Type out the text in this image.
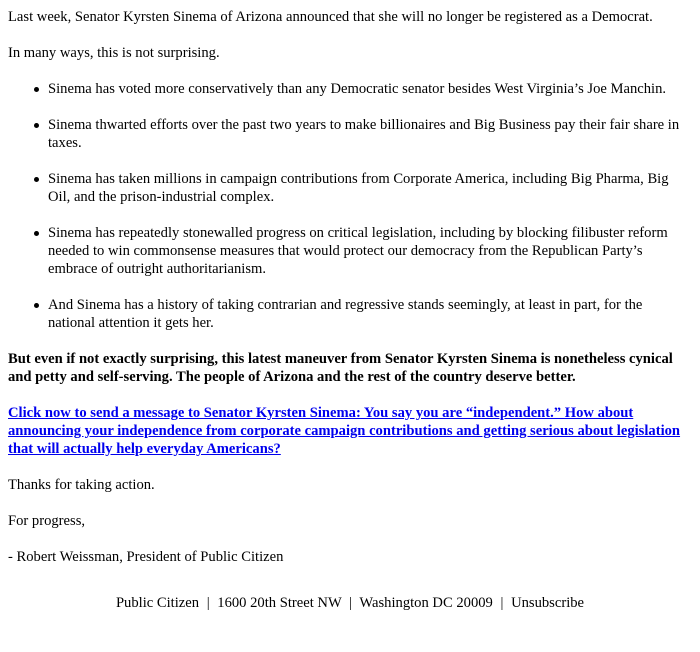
Last week, Senator Kyrsten Sinema of Arizona announced that she will no longer be registered as a Democrat.

In many ways, this is not surprising.

Sinema has voted more conservatively than any Democratic senator besides West Virginia’s Joe Manchin.
Sinema thwarted efforts over the past two years to make billionaires and Big Business pay their fair share in taxes.
Sinema has taken millions in campaign contributions from Corporate America, including Big Pharma, Big Oil, and the prison-industrial complex.
Sinema has repeatedly stonewalled progress on critical legislation, including by blocking filibuster reform needed to win commonsense measures that would protect our democracy from the Republican Party’s embrace of outright authoritarianism.
And Sinema has a history of taking contrarian and regressive stands seemingly, at least in part, for the national attention it gets her.

But even if not exactly surprising, this latest maneuver from Senator Kyrsten Sinema is nonetheless cynical and petty and self-serving. The people of Arizona and the rest of the country deserve better.

Click now to send a message to Senator Kyrsten Sinema: You say you are “independent.” How about announcing your independence from corporate campaign contributions and getting serious about legislation that will actually help everyday Americans?

Thanks for taking action.

For progress,

- Robert Weissman, President of Public Citizen

Public Citizen | 1600 20th Street NW | Washington DC 20009 | Unsubscribe
